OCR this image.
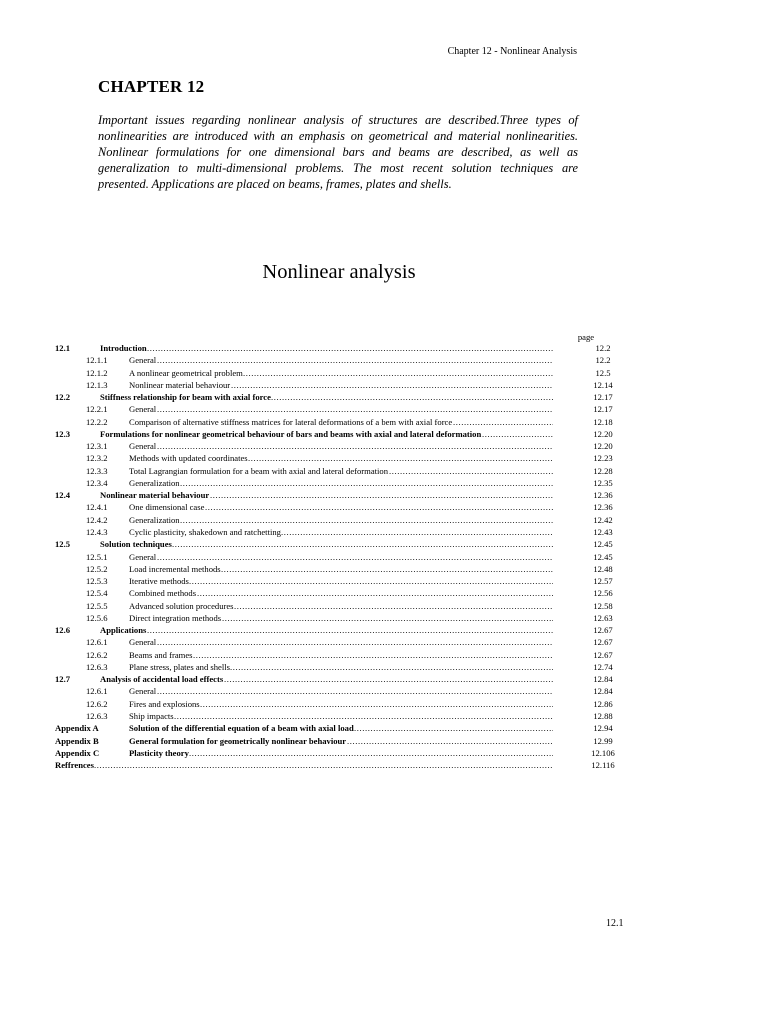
Chapter 12 - Nonlinear Analysis
CHAPTER 12

Important issues regarding nonlinear analysis of structures are described.Three types of nonlinearities are introduced with an emphasis on geometrical and material nonlinearities. Nonlinear formulations for one dimensional bars and beams are described, as well as generalization to multi-dimensional problems. The most recent solution techniques are presented. Applications are placed on beams, frames, plates and shells.

Nonlinear analysis
page
.....
12.1	Introduction	12.2
.....
12.1.1	General	12.2
.....
12.1.2	A nonlinear geometrical problem	12.5
.....
12.1.3	Nonlinear material behaviour	12.14
.....
12.2	Stiffness relationship for beam with axial force	12.17
.....
12.2.1	General	12.17
.....
12.2.2	Comparison of alternative stiffness matrices for lateral deformations of a bem with axial force	12.18
.....
12.3	Formulations for nonlinear geometrical behaviour of bars and beams with axial and lateral deformation	12.20
.....
12.3.1	General	12.20
.....
12.3.2	Methods with updated coordinates	12.23
.....
12.3.3	Total Lagrangian formulation for a beam with axial and lateral deformation	12.28
.....
12.3.4	Generalization	12.35
.....
12.4	Nonlinear material behaviour	12.36
.....
12.4.1	One dimensional case	12.36
.....
12.4.2	Generalization	12.42
.....
12.4.3	Cyclic plasticity, shakedown and ratchetting	12.43
.....
12.5	Solution techniques	12.45
.....
12.5.1	General	12.45
.....
12.5.2	Load incremental methods	12.48
.....
12.5.3	Iterative methods	12.57
.....
12.5.4	Combined methods	12.56
.....
12.5.5	Advanced solution procedures	12.58
.....
12.5.6	Direct integration methods	12.63
.....
12.6	Applications	12.67
.....
12.6.1	General	12.67
.....
12.6.2	Beams and frames	12.67
.....
12.6.3	Plane stress, plates and shells	12.74
.....
12.7	Analysis of accidental load effects	12.84
.....
12.6.1	General	12.84
.....
12.6.2	Fires and explosions	12.86
.....
12.6.3	Ship impacts	12.88
.....
Appendix A	Solution of the differential equation of a beam with axial load	12.94
.....
Appendix B	General formulation for geometrically nonlinear behaviour	12.99
.....
Appendix C	Plasticity theory	12.106
.....
Reffrences	12.116
12.1
